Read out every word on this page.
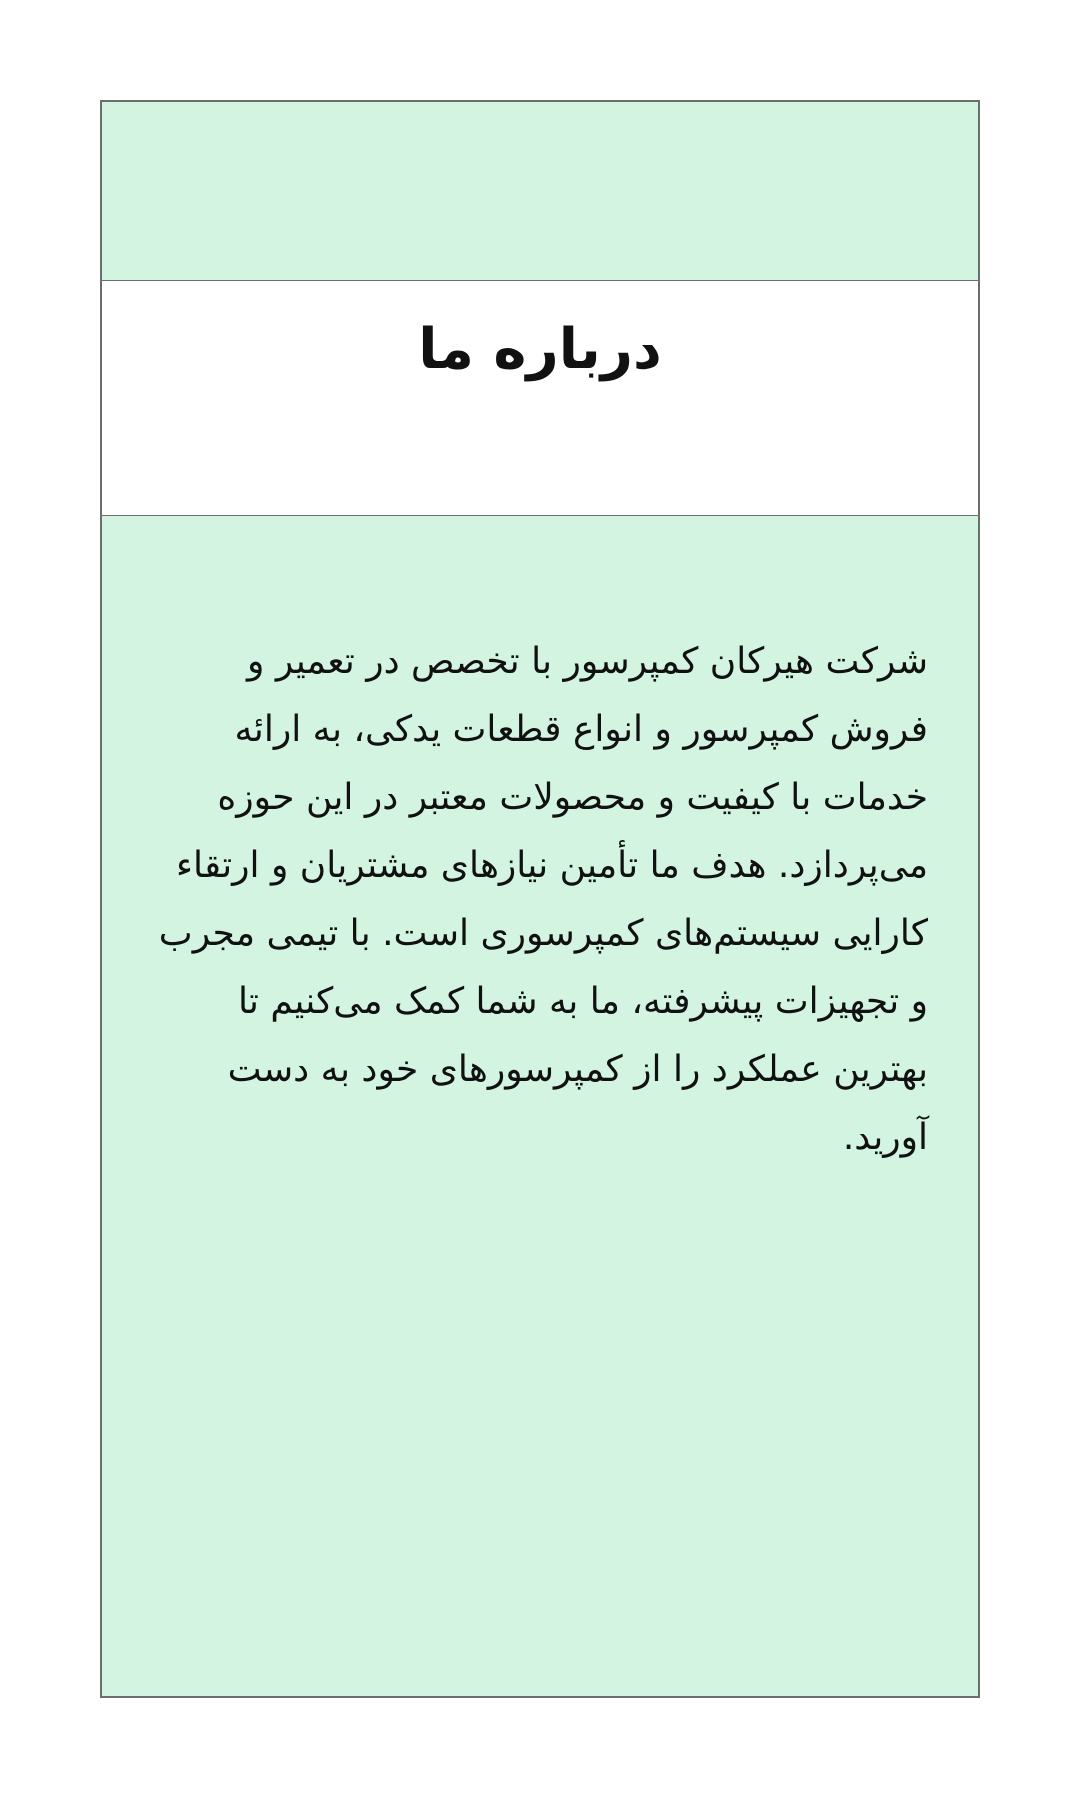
درباره ما

شرکت هیرکان کمپرسور با تخصص در تعمیر و فروش کمپرسور و انواع قطعات یدکی، به ارائه خدمات با کیفیت و محصولات معتبر در این حوزه می‌پردازد. هدف ما تأمین نیازهای مشتریان و ارتقاء کارایی سیستم‌های کمپرسوری است. با تیمی مجرب و تجهیزات پیشرفته، ما به شما کمک می‌کنیم تا بهترین عملکرد را از کمپرسورهای خود به دست آورید.
